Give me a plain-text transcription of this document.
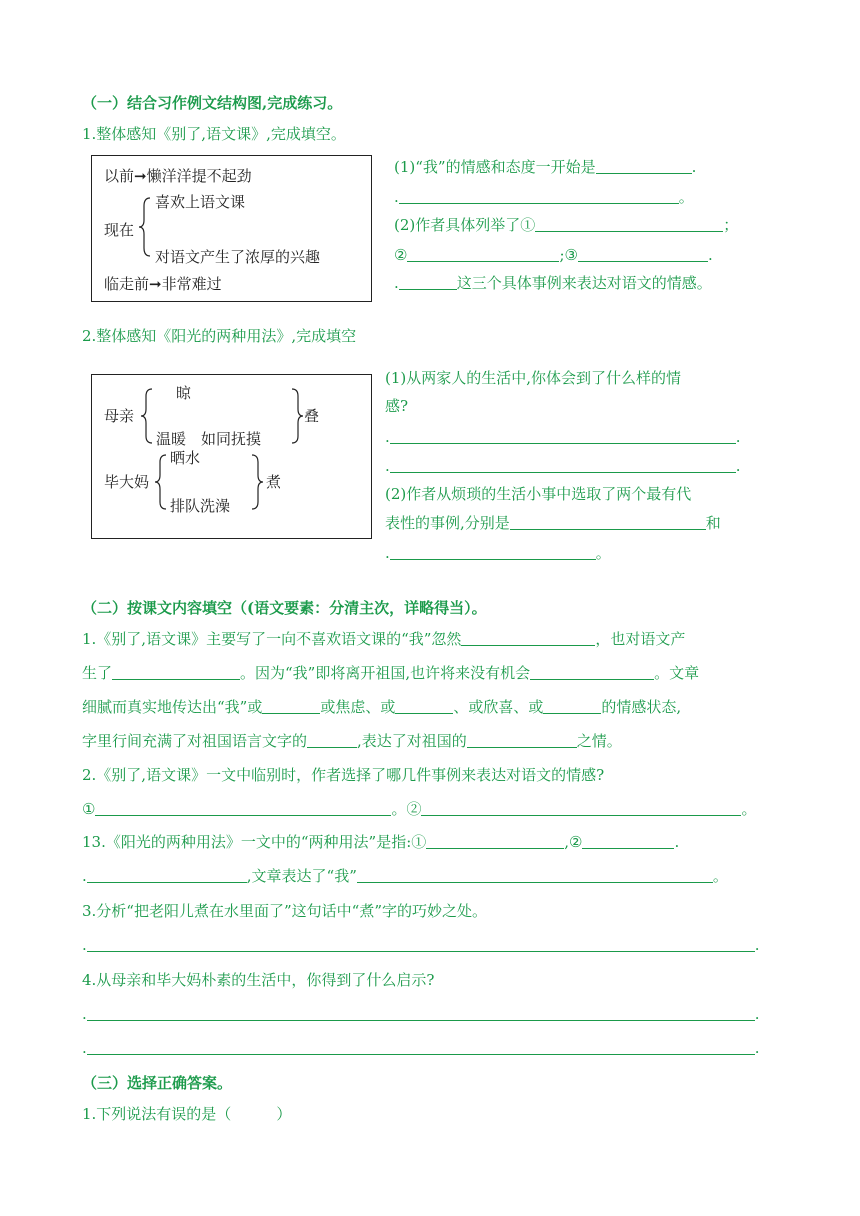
（一）结合习作例文结构图,完成练习。
1.整体感知《别了,语文课》,完成填空。
以前➞懒洋洋提不起劲
现在
喜欢上语文课
对语文产生了浓厚的兴趣
临走前➞非常难过
(1)“我”的情感和态度一开始是	.
.	。
(2)作者具体列举了①	；
②	;③	.
.	这三个具体事例来表达对语文的情感。
2.整体感知《阳光的两种用法》,完成填空
母亲
晾
温暖　如同抚摸
叠
毕大妈
晒水
排队洗澡
煮
(1)从两家人的生活中,你体会到了什么样的情
感?
.	.
.	.
(2)作者从烦琐的生活小事中选取了两个最有代
表性的事例,分别是	和
.	。
（二）按课文内容填空（(语文要素：分清主次，详略得当）。
1.《别了,语文课》主要写了一向不喜欢语文课的“我”忽然	，也对语文产
生了	。因为“我”即将离开祖国,也许将来没有机会	。文章
细腻而真实地传达出“我”或	或焦虑、或	、或欣喜、或	的情感状态,
字里行间充满了对祖国语言文字的	,表达了对祖国的	之情。
2.《别了,语文课》一文中临别时，作者选择了哪几件事例来表达对语文的情感?
①	。②	。
13.《阳光的两种用法》一文中的“两种用法”是指:①	,②	.
.	,文章表达了“我”	。
3.分析“把老阳儿煮在水里面了”这句话中“煮”字的巧妙之处。
.	.
4.从母亲和毕大妈朴素的生活中，你得到了什么启示?
.	.
.	.
（三）选择正确答案。
1.下列说法有误的是（　　　）
